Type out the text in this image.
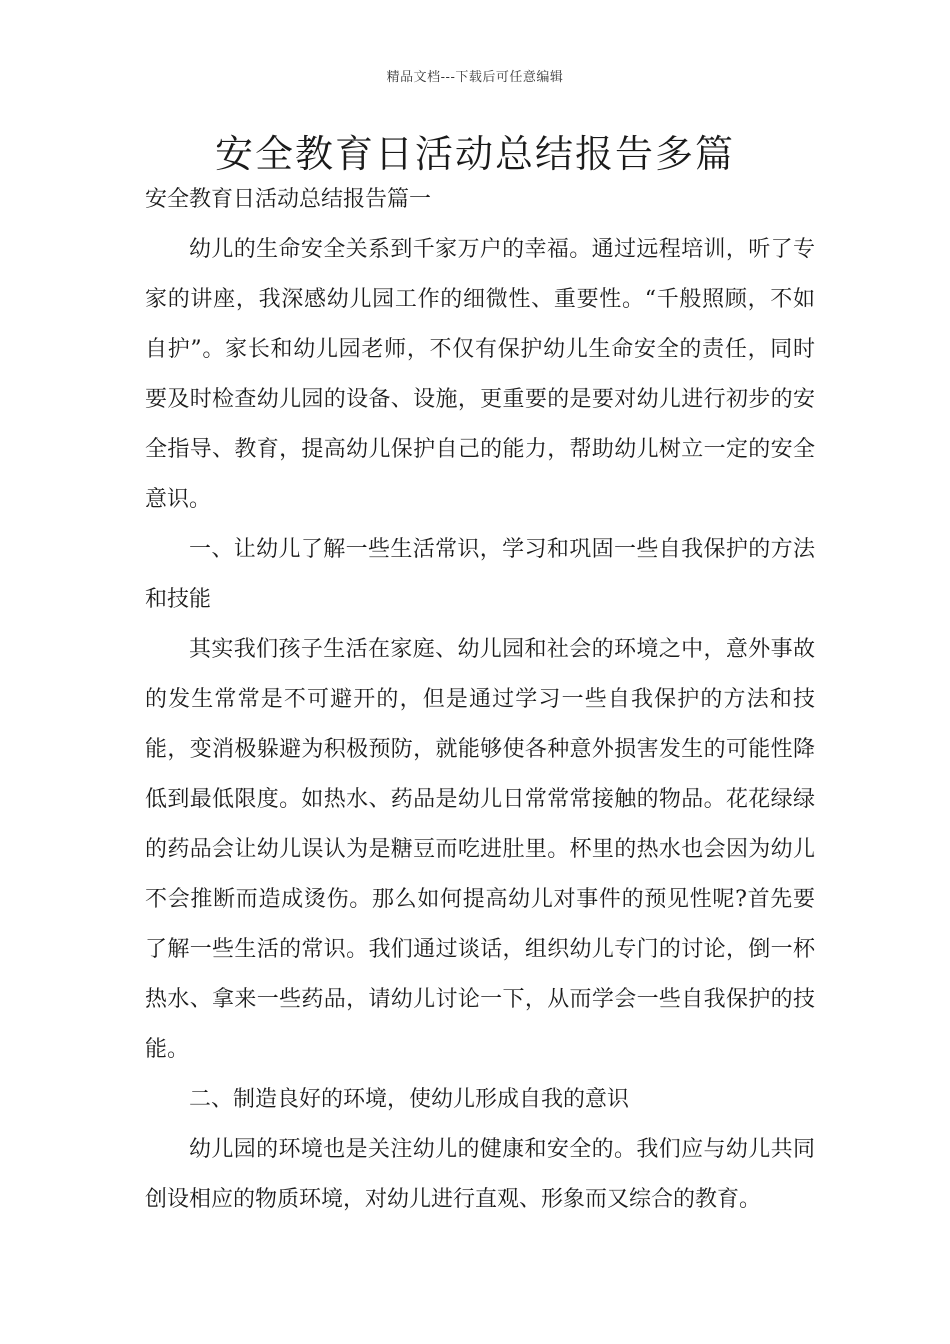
精品文档---下载后可任意编辑
安全教育日活动总结报告多篇

安全教育日活动总结报告篇一

幼儿的生命安全关系到千家万户的幸福。通过远程培训，听了专家的讲座，我深感幼儿园工作的细微性、重要性。“千般照顾，不如自护”。家长和幼儿园老师，不仅有保护幼儿生命安全的责任，同时要及时检查幼儿园的设备、设施，更重要的是要对幼儿进行初步的安全指导、教育，提高幼儿保护自己的能力，帮助幼儿树立一定的安全意识。

一、让幼儿了解一些生活常识，学习和巩固一些自我保护的方法和技能

其实我们孩子生活在家庭、幼儿园和社会的环境之中，意外事故的发生常常是不可避开的，但是通过学习一些自我保护的方法和技能，变消极躲避为积极预防，就能够使各种意外损害发生的可能性降低到最低限度。如热水、药品是幼儿日常常常接触的物品。花花绿绿的药品会让幼儿误认为是糖豆而吃进肚里。杯里的热水也会因为幼儿不会推断而造成烫伤。那么如何提高幼儿对事件的预见性呢?首先要了解一些生活的常识。我们通过谈话，组织幼儿专门的讨论，倒一杯热水、拿来一些药品，请幼儿讨论一下，从而学会一些自我保护的技能。

二、制造良好的环境，使幼儿形成自我的意识

幼儿园的环境也是关注幼儿的健康和安全的。我们应与幼儿共同创设相应的物质环境，对幼儿进行直观、形象而又综合的教育。
